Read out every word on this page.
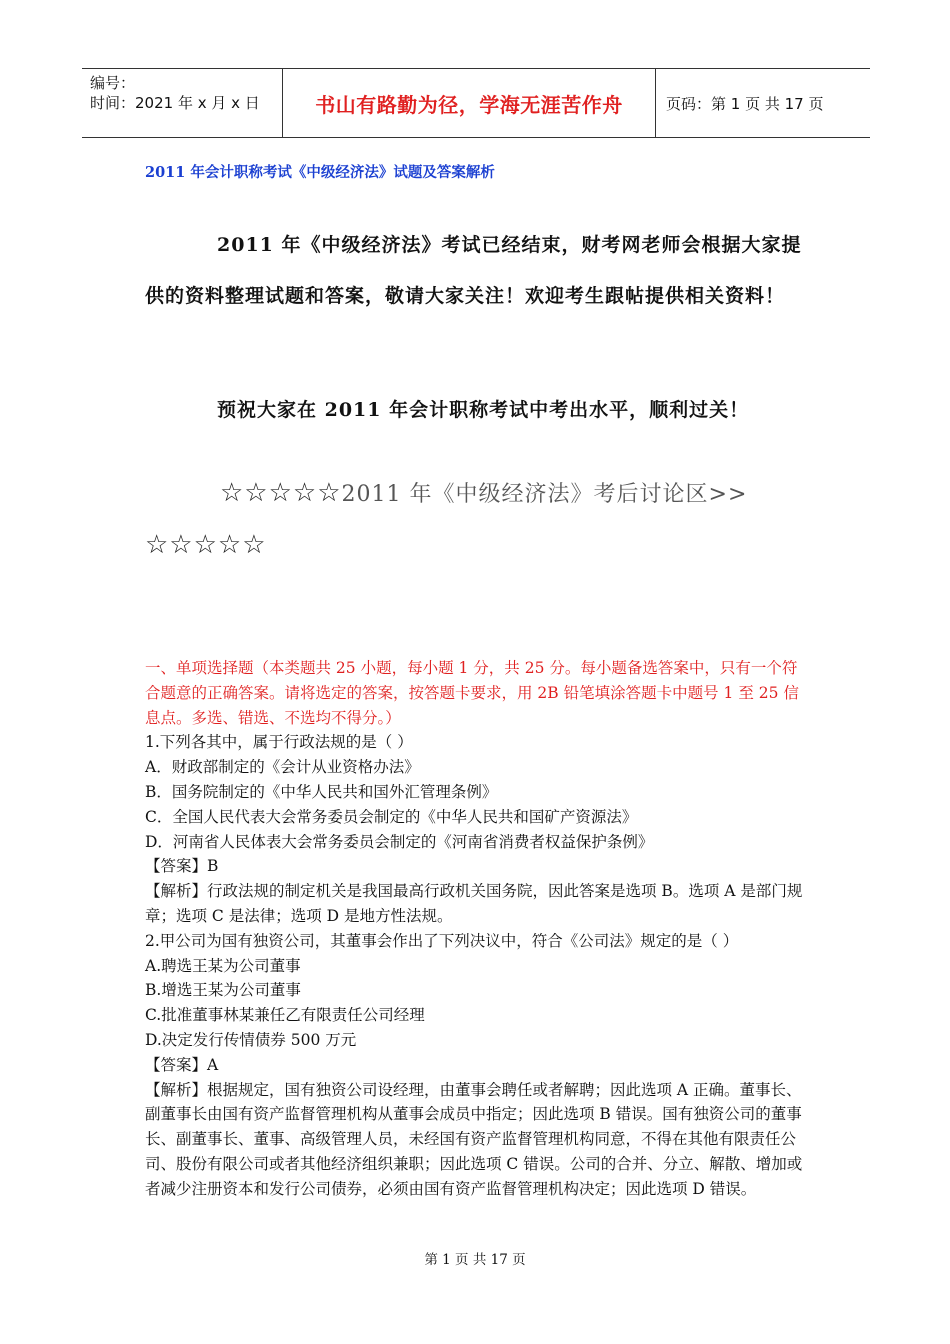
编号：
时间：2021 年 x 月 x 日	书山有路勤为径，学海无涯苦作舟	页码：第 1 页 共 17 页
2011 年会计职称考试《中级经济法》试题及答案解析
2011 年《中级经济法》考试已经结束，财考网老师会根据大家提供的资料整理试题和答案，敬请大家关注！欢迎考生跟帖提供相关资料！
预祝大家在 2011 年会计职称考试中考出水平，顺利过关！
☆☆☆☆☆2011 年《中级经济法》考后讨论区>> ☆☆☆☆☆

一、单项选择题（本类题共 25 小题，每小题 1 分，共 25 分。每小题备选答案中，只有一个符合题意的正确答案。请将选定的答案，按答题卡要求，用 2B 铅笔填涂答题卡中题号 1 至 25 信息点。多选、错选、不选均不得分。）

1.下列各其中，属于行政法规的是（ ）

A．财政部制定的《会计从业资格办法》

B．国务院制定的《中华人民共和国外汇管理条例》

C．全国人民代表大会常务委员会制定的《中华人民共和国矿产资源法》

D．河南省人民体表大会常务委员会制定的《河南省消费者权益保护条例》

【答案】B

【解析】行政法规的制定机关是我国最高行政机关国务院，因此答案是选项 B。选项 A 是部门规章；选项 C 是法律；选项 D 是地方性法规。

2.甲公司为国有独资公司，其董事会作出了下列决议中，符合《公司法》规定的是（ ）

A.聘选王某为公司董事

B.增选王某为公司董事

C.批准董事林某兼任乙有限责任公司经理

D.决定发行传情债券 500 万元

【答案】A

【解析】根据规定，国有独资公司设经理，由董事会聘任或者解聘；因此选项 A 正确。董事长、副董事长由国有资产监督管理机构从董事会成员中指定；因此选项 B 错误。国有独资公司的董事长、副董事长、董事、高级管理人员，未经国有资产监督管理机构同意，不得在其他有限责任公司、股份有限公司或者其他经济组织兼职；因此选项 C 错误。公司的合并、分立、解散、增加或者减少注册资本和发行公司债券，必须由国有资产监督管理机构决定；因此选项 D 错误。

第 1 页 共 17 页
